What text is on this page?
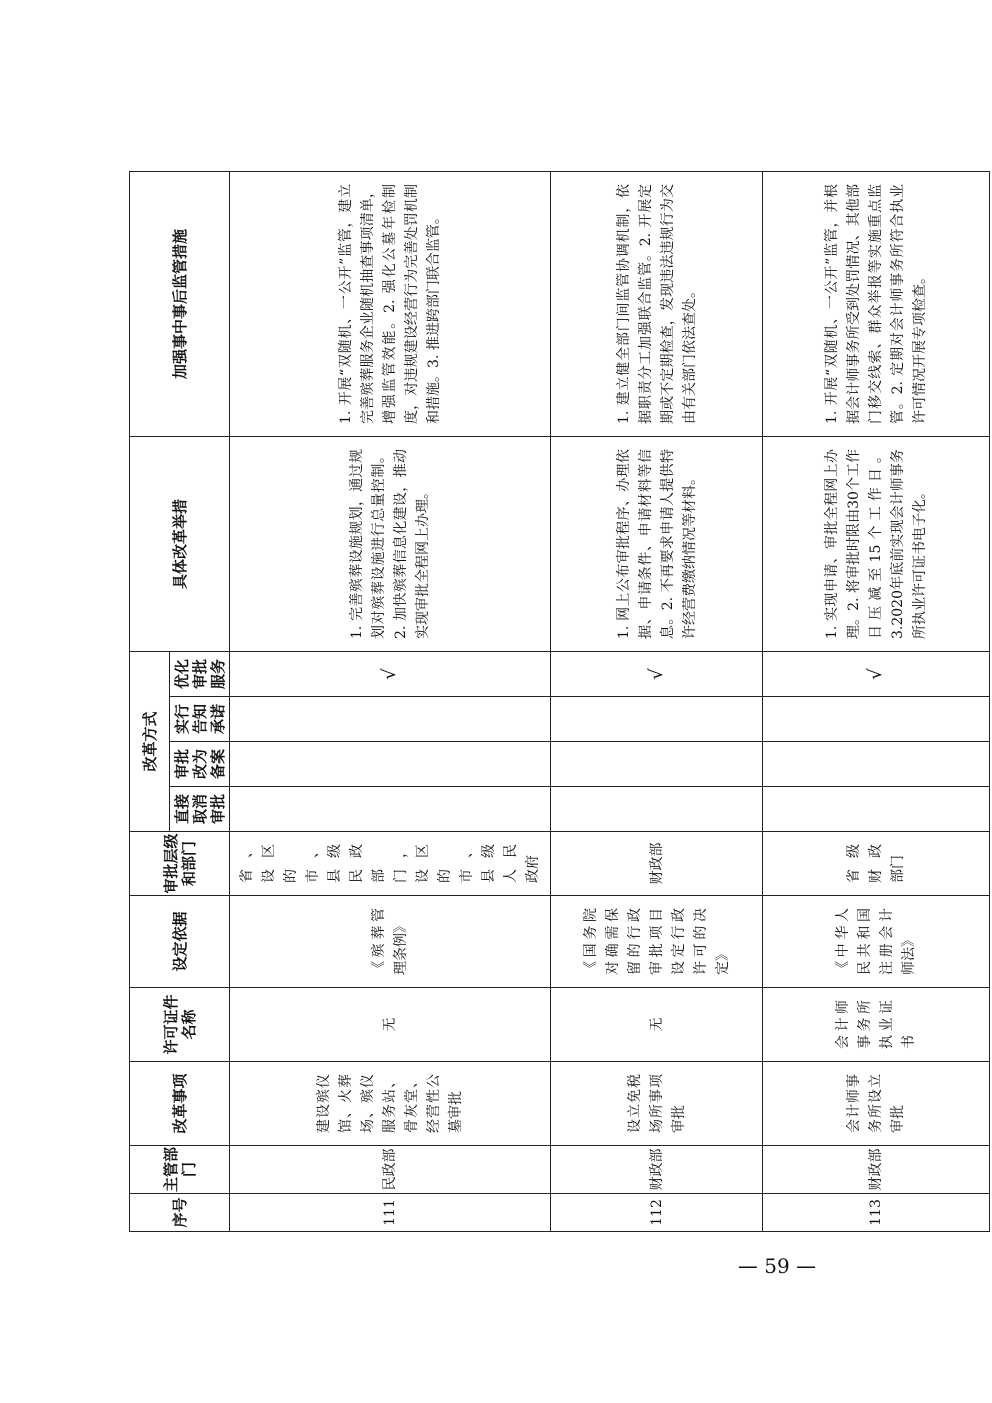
序号	主管部门	改革事项	许可证件名称	设定依据	审批层级和部门	改革方式				具体改革举措	加强事中事后监管措施
						直接取消审批	审批改为备案	实行告知承诺	优化审批服务		
111	民政部	建设殡仪馆、火葬场、殡仪服务站、骨灰堂、经营性公墓审批	无	《殡葬管理条例》	省、设区的市、县级民政部门，设区的市、县级人民政府				√	1. 完善殡葬设施规划，通过规划对殡葬设施进行总量控制。2. 加快殡葬信息化建设，推动实现审批全程网上办理。	1. 开展“双随机、一公开”监管，建立完善殡葬服务企业随机抽查事项清单，增强监管效能。2. 强化公墓年检制度，对违规建设经营行为完善处罚机制和措施。3. 推进跨部门联合监管。
112	财政部	设立免税场所事项审批	无	《国务院对确需保留的行政审批项目设定行政许可的决定》	财政部				√	1. 网上公布审批程序、办理依据、申请条件、申请材料等信息。2. 不再要求申请人提供特许经营费缴纳情况等材料。	1. 建立健全部门间监管协调机制，依据职责分工加强联合监管。2. 开展定期或不定期检查，发现违法违规行为交由有关部门依法查处。
113	财政部	会计师事务所设立审批	会计师事务所执业证书	《中华人民共和国注册会计师法》	省级财政部门				√	1. 实现申请、审批全程网上办理。2. 将审批时限由30个工作日压减至15个工作日。3.2020年底前实现会计师事务所执业许可证书电子化。	1. 开展“双随机、一公开”监管，并根据会计师事务所受到处罚情况、其他部门移交线索、群众举报等实施重点监管。2. 定期对会计师事务所符合执业许可情况开展专项检查。
— 59 —
